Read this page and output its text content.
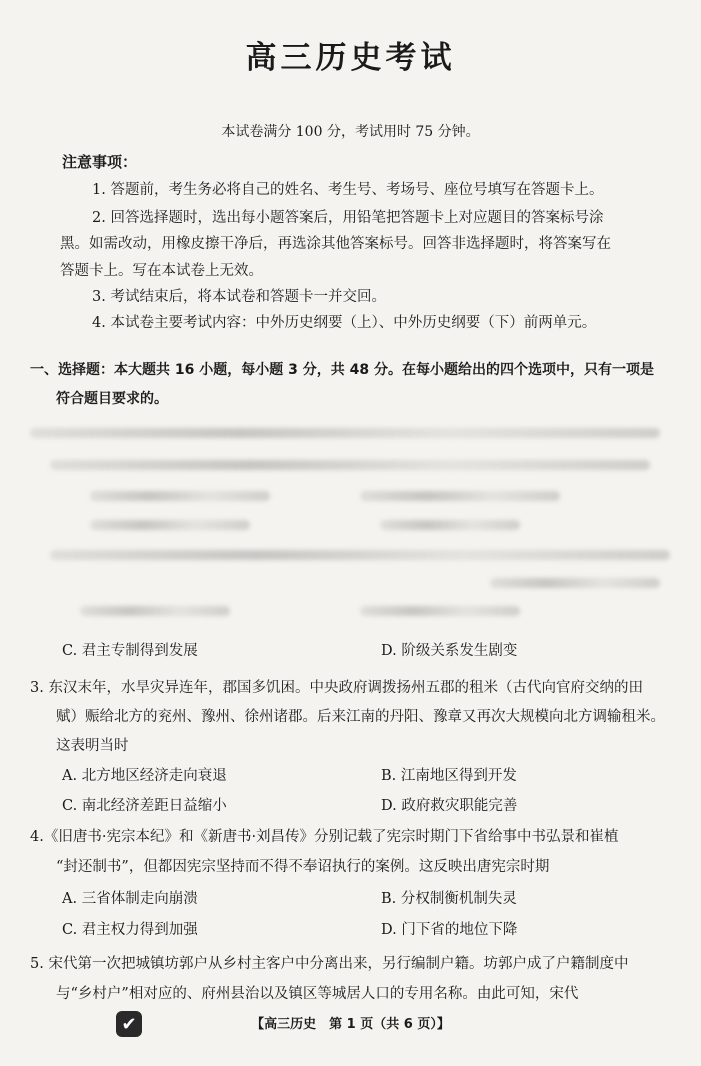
高三历史考试
本试卷满分 100 分，考试用时 75 分钟。
注意事项：
1. 答题前，考生务必将自己的姓名、考生号、考场号、座位号填写在答题卡上。
2. 回答选择题时，选出每小题答案后，用铅笔把答题卡上对应题目的答案标号涂
黑。如需改动，用橡皮擦干净后，再选涂其他答案标号。回答非选择题时，将答案写在
答题卡上。写在本试卷上无效。
3. 考试结束后，将本试卷和答题卡一并交回。
4. 本试卷主要考试内容：中外历史纲要（上）、中外历史纲要（下）前两单元。
一、选择题：本大题共 16 小题，每小题 3 分，共 48 分。在每小题给出的四个选项中，只有一项是
符合题目要求的。
C. 君主专制得到发展	D. 阶级关系发生剧变
3. 东汉末年，水旱灾异连年，郡国多饥困。中央政府调拨扬州五郡的租米（古代向官府交纳的田
赋）赈给北方的兖州、豫州、徐州诸郡。后来江南的丹阳、豫章又再次大规模向北方调输租米。
这表明当时
A. 北方地区经济走向衰退	B. 江南地区得到开发
C. 南北经济差距日益缩小	D. 政府救灾职能完善
4.《旧唐书·宪宗本纪》和《新唐书·刘昌传》分别记载了宪宗时期门下省给事中书弘景和崔植
“封还制书”，但都因宪宗坚持而不得不奉诏执行的案例。这反映出唐宪宗时期
A. 三省体制走向崩溃	B. 分权制衡机制失灵
C. 君主权力得到加强	D. 门下省的地位下降
5. 宋代第一次把城镇坊郭户从乡村主客户中分离出来，另行编制户籍。坊郭户成了户籍制度中
与“乡村户”相对应的、府州县治以及镇区等城居人口的专用名称。由此可知，宋代
✔	【高三历史　第 1 页（共 6 页）】
